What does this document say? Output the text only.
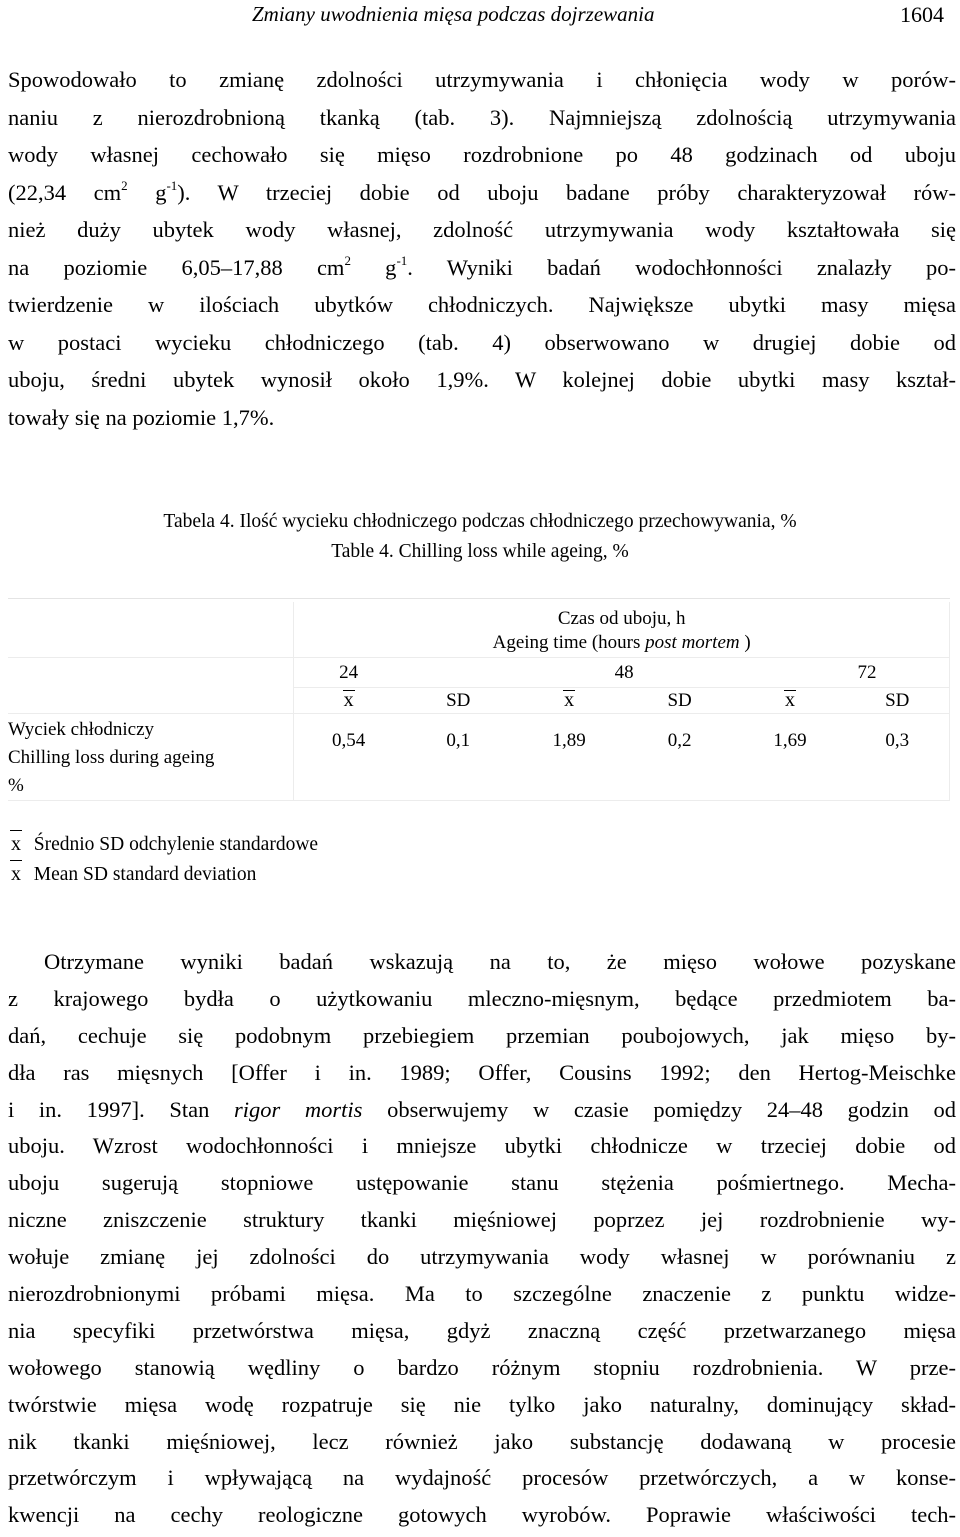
Zmiany uwodnienia mięsa podczas dojrzewania	1604
Spowodowało to zmianę zdolności utrzymywania i chłonięcia wody w porów-
naniu z nierozdrobnioną tkanką (tab. 3). Najmniejszą zdolnością utrzymywania
wody własnej cechowało się mięso rozdrobnione po 48 godzinach od uboju
(22,34 $cm^2$ $g^{-1}$). W trzeciej dobie od uboju badane próby charakteryzował rów-
nież duży ubytek wody własnej, zdolność utrzymywania wody kształtowała się
na poziomie 6,05–17,88 $cm^2$ $g^{-1}$. Wyniki badań wodochłonności znalazły po-
twierdzenie w ilościach ubytków chłodniczych. Największe ubytki masy mięsa
w postaci wycieku chłodniczego (tab. 4) obserwowano w drugiej dobie od
uboju, średni ubytek wynosił około 1,9%. W kolejnej dobie ubytki masy kształ-
towały się na poziomie 1,7%.
Tabela 4. Ilość wycieku chłodniczego podczas chłodniczego przechowywania, %
Table 4. Chilling loss while ageing, %

	Czas od uboju, h					
	Ageing time (hours post mortem )					
	24		48			72
	x	SD	x	SD	x	SD

Wyciek chłodniczy
Chilling loss during ageing
%	0,54	0,1	1,89	0,2	1,69	0,3
x Średnio SD odchylenie standardowe
x Mean SD standard deviation
Otrzymane wyniki badań wskazują na to, że mięso wołowe pozyskane
z krajowego bydła o użytkowaniu mleczno-mięsnym, będące przedmiotem ba-
dań, cechuje się podobnym przebiegiem przemian poubojowych, jak mięso by-
dła ras mięsnych [Offer i in. 1989; Offer, Cousins 1992; den Hertog-Meischke
i in. 1997]. Stan rigor mortis obserwujemy w czasie pomiędzy 24–48 godzin od
uboju. Wzrost wodochłonności i mniejsze ubytki chłodnicze w trzeciej dobie od
uboju sugerują stopniowe ustępowanie stanu stężenia pośmiertnego. Mecha-
niczne zniszczenie struktury tkanki mięśniowej poprzez jej rozdrobnienie wy-
wołuje zmianę jej zdolności do utrzymywania wody własnej w porównaniu z
nierozdrobnionymi próbami mięsa. Ma to szczególne znaczenie z punktu widze-
nia specyfiki przetwórstwa mięsa, gdyż znaczną część przetwarzanego mięsa
wołowego stanowią wędliny o bardzo różnym stopniu rozdrobnienia. W prze-
twórstwie mięsa wodę rozpatruje się nie tylko jako naturalny, dominujący skład-
nik tkanki mięśniowej, lecz również jako substancję dodawaną w procesie
przetwórczym i wpływającą na wydajność procesów przetwórczych, a w konse-
kwencji na cechy reologiczne gotowych wyrobów. Poprawie właściwości tech-
